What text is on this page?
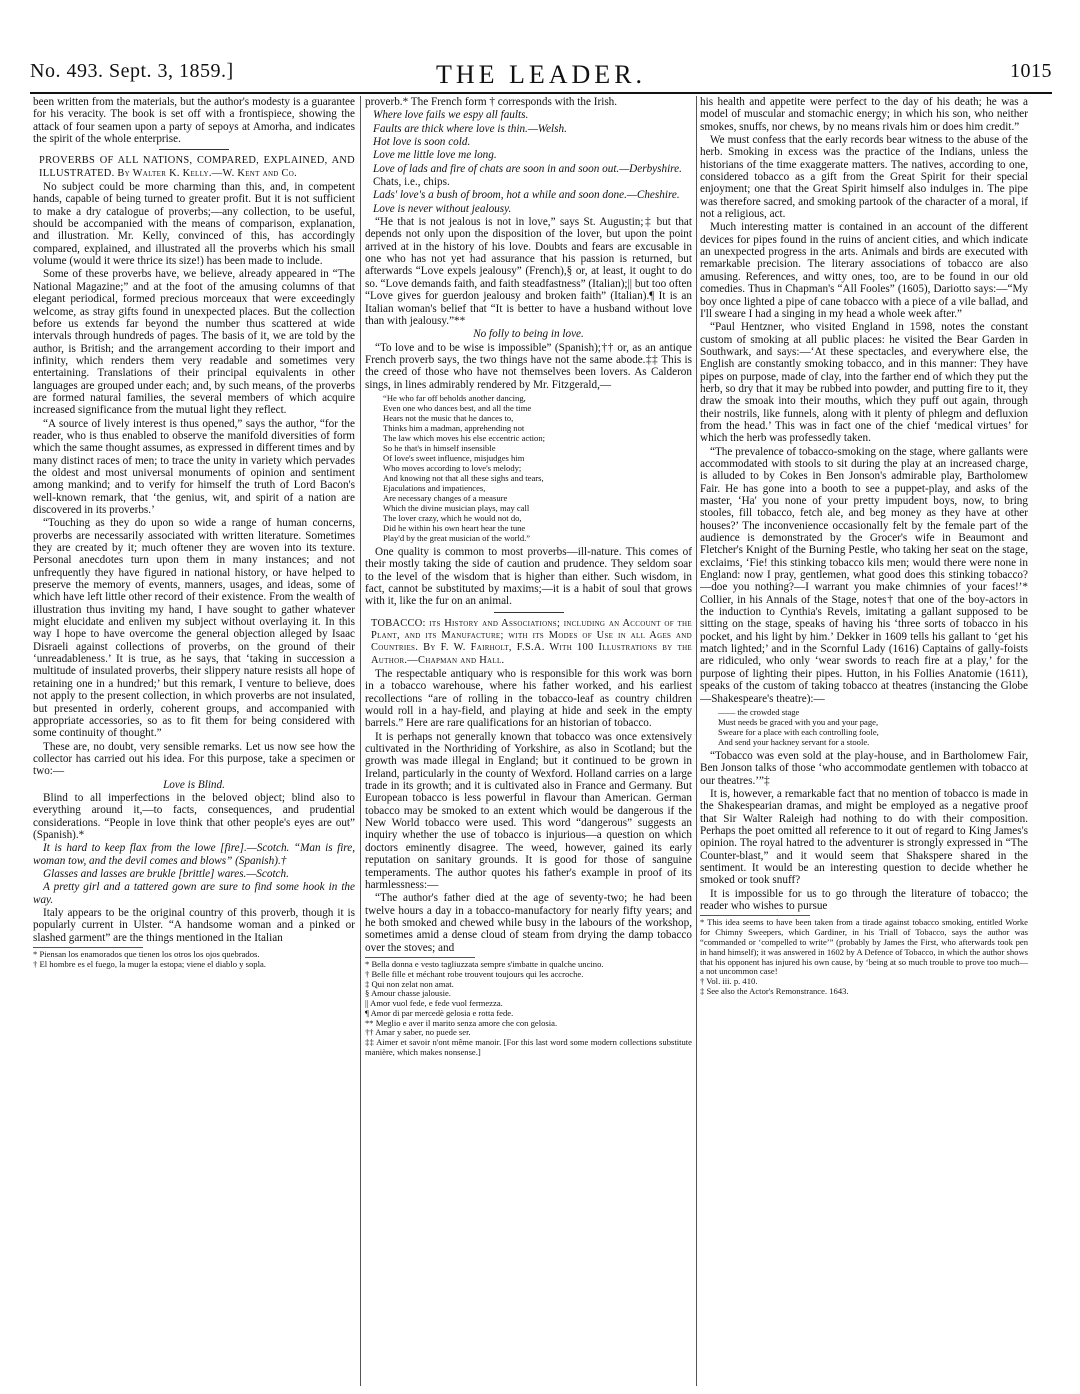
No. 493. Sept. 3, 1859.]	THE LEADER.	1015

been written from the materials, but the author's modesty is a guarantee for his veracity. The book is set off with a frontispiece, showing the attack of four seamen upon a party of sepoys at Amorha, and indicates the spirit of the whole enterprise.

PROVERBS OF ALL NATIONS, COMPARED, EXPLAINED, AND ILLUSTRATED. By Walter K. Kelly.—W. Kent and Co.

No subject could be more charming than this, and, in competent hands, capable of being turned to greater profit. But it is not sufficient to make a dry catalogue of proverbs;—any collection, to be useful, should be accompanied with the means of comparison, explanation, and illustration. Mr. Kelly, convinced of this, has accordingly compared, explained, and illustrated all the proverbs which his small volume (would it were thrice its size!) has been made to include.

Some of these proverbs have, we believe, already appeared in “The National Magazine;” and at the foot of the amusing columns of that elegant periodical, formed precious morceaux that were exceedingly welcome, as stray gifts found in unexpected places. But the collection before us extends far beyond the number thus scattered at wide intervals through hundreds of pages. The basis of it, we are told by the author, is British; and the arrangement according to their import and infinity, which renders them very readable and sometimes very entertaining. Translations of their principal equivalents in other languages are grouped under each; and, by such means, of the proverbs are formed natural families, the several members of which acquire increased significance from the mutual light they reflect.

“A source of lively interest is thus opened,” says the author, “for the reader, who is thus enabled to observe the manifold diversities of form which the same thought assumes, as expressed in different times and by many distinct races of men; to trace the unity in variety which pervades the oldest and most universal monuments of opinion and sentiment among mankind; and to verify for himself the truth of Lord Bacon's well-known remark, that ‘the genius, wit, and spirit of a nation are discovered in its proverbs.’

“Touching as they do upon so wide a range of human concerns, proverbs are necessarily associated with written literature. Sometimes they are created by it; much oftener they are woven into its texture. Personal anecdotes turn upon them in many instances; and not unfrequently they have figured in national history, or have helped to preserve the memory of events, manners, usages, and ideas, some of which have left little other record of their existence. From the wealth of illustration thus inviting my hand, I have sought to gather whatever might elucidate and enliven my subject without overlaying it. In this way I hope to have overcome the general objection alleged by Isaac Disraeli against collections of proverbs, on the ground of their ‘unreadableness.’ It is true, as he says, that ‘taking in succession a multitude of insulated proverbs, their slippery nature resists all hope of retaining one in a hundred;’ but this remark, I venture to believe, does not apply to the present collection, in which proverbs are not insulated, but presented in orderly, coherent groups, and accompanied with appropriate accessories, so as to fit them for being considered with some continuity of thought.”

These are, no doubt, very sensible remarks. Let us now see how the collector has carried out his idea. For this purpose, take a specimen or two:—

Love is Blind.

Blind to all imperfections in the beloved object; blind also to everything around it,—to facts, consequences, and prudential considerations. “People in love think that other people's eyes are out” (Spanish).*

It is hard to keep flax from the lowe [fire].—Scotch. “Man is fire, woman tow, and the devil comes and blows” (Spanish).†

Glasses and lasses are brukle [brittle] wares.—Scotch.

A pretty girl and a tattered gown are sure to find some hook in the way.

Italy appears to be the original country of this proverb, though it is popularly current in Ulster. “A handsome woman and a pinked or slashed garment” are the things mentioned in the Italian

* Piensan los enamorados que tienen los otros los ojos quebrados.

† El hombre es el fuego, la muger la estopa; viene el diablo y sopla.

proverb.* The French form † corresponds with the Irish.

Where love fails we espy all faults.

Faults are thick where love is thin.—Welsh.

Hot love is soon cold.

Love me little love me long.

Love of lads and fire of chats are soon in and soon out.—Derbyshire.

Chats, i.e., chips.

Lads' love's a bush of broom, hot a while and soon done.—Cheshire.

Love is never without jealousy.

“He that is not jealous is not in love,” says St. Augustin;‡ but that depends not only upon the disposition of the lover, but upon the point arrived at in the history of his love. Doubts and fears are excusable in one who has not yet had assurance that his passion is returned, but afterwards “Love expels jealousy” (French),§ or, at least, it ought to do so. “Love demands faith, and faith steadfastness” (Italian);|| but too often “Love gives for guerdon jealousy and broken faith” (Italian).¶ It is an Italian woman's belief that “It is better to have a husband without love than with jealousy.”**

No folly to being in love.

“To love and to be wise is impossible” (Spanish);†† or, as an antique French proverb says, the two things have not the same abode.‡‡ This is the creed of those who have not themselves been lovers. As Calderon sings, in lines admirably rendered by Mr. Fitzgerald,—

“He who far off beholds another dancing,
Even one who dances best, and all the time
Hears not the music that he dances to,
Thinks him a madman, apprehending not
The law which moves his else eccentric action;
So he that's in himself insensible
Of love's sweet influence, misjudges him
Who moves according to love's melody;
And knowing not that all these sighs and tears,
Ejaculations and impatiences,
Are necessary changes of a measure
Which the divine musician plays, may call
The lover crazy, which he would not do,
Did he within his own heart hear the tune
Play'd by the great musician of the world.”

One quality is common to most proverbs—ill-nature. This comes of their mostly taking the side of caution and prudence. They seldom soar to the level of the wisdom that is higher than either. Such wisdom, in fact, cannot be substituted by maxims;—it is a habit of soul that grows with it, like the fur on an animal.

TOBACCO: its History and Associations; including an Account of the Plant, and its Manufacture; with its Modes of Use in all Ages and Countries. By F. W. Fairholt, F.S.A. With 100 Illustrations by the Author.—Chapman and Hall.

The respectable antiquary who is responsible for this work was born in a tobacco warehouse, where his father worked, and his earliest recollections “are of rolling in the tobacco-leaf as country children would roll in a hay-field, and playing at hide and seek in the empty barrels.” Here are rare qualifications for an historian of tobacco.

It is perhaps not generally known that tobacco was once extensively cultivated in the Northriding of Yorkshire, as also in Scotland; but the growth was made illegal in England; but it continued to be grown in Ireland, particularly in the county of Wexford. Holland carries on a large trade in its growth; and it is cultivated also in France and Germany. But European tobacco is less powerful in flavour than American. German tobacco may be smoked to an extent which would be dangerous if the New World tobacco were used. This word “dangerous” suggests an inquiry whether the use of tobacco is injurious—a question on which doctors eminently disagree. The weed, however, gained its early reputation on sanitary grounds. It is good for those of sanguine temperaments. The author quotes his father's example in proof of its harmlessness:—

“The author's father died at the age of seventy-two; he had been twelve hours a day in a tobacco-manufactory for nearly fifty years; and he both smoked and chewed while busy in the labours of the workshop, sometimes amid a dense cloud of steam from drying the damp tobacco over the stoves; and

* Bella donna e vesto tagliuzzata sempre s'imbatte in qualche uncino.

† Belle fille et méchant robe trouvent toujours qui les accroche.

‡ Qui non zelat non amat.

§ Amour chasse jalousie.

|| Amor vuol fede, e fede vuol fermezza.

¶ Amor di par mercedè gelosia e rotta fede.

** Meglio e aver il marito senza amore che con gelosia.

†† Amar y saber, no puede ser.

‡‡ Aimer et savoir n'ont même manoir. [For this last word some modern collections substitute manière, which makes nonsense.]

his health and appetite were perfect to the day of his death; he was a model of muscular and stomachic energy; in which his son, who neither smokes, snuffs, nor chews, by no means rivals him or does him credit.”

We must confess that the early records bear witness to the abuse of the herb. Smoking in excess was the practice of the Indians, unless the historians of the time exaggerate matters. The natives, according to one, considered tobacco as a gift from the Great Spirit for their special enjoyment; one that the Great Spirit himself also indulges in. The pipe was therefore sacred, and smoking partook of the character of a moral, if not a religious, act.

Much interesting matter is contained in an account of the different devices for pipes found in the ruins of ancient cities, and which indicate an unexpected progress in the arts. Animals and birds are executed with remarkable precision. The literary associations of tobacco are also amusing. References, and witty ones, too, are to be found in our old comedies. Thus in Chapman's “All Fooles” (1605), Dariotto says:—“My boy once lighted a pipe of cane tobacco with a piece of a vile ballad, and I'll sweare I had a singing in my head a whole week after.”

“Paul Hentzner, who visited England in 1598, notes the constant custom of smoking at all public places: he visited the Bear Garden in Southwark, and says:—‘At these spectacles, and everywhere else, the English are constantly smoking tobacco, and in this manner: They have pipes on purpose, made of clay, into the farther end of which they put the herb, so dry that it may be rubbed into powder, and putting fire to it, they draw the smoak into their mouths, which they puff out again, through their nostrils, like funnels, along with it plenty of phlegm and defluxion from the head.’ This was in fact one of the chief ‘medical virtues’ for which the herb was professedly taken.

“The prevalence of tobacco-smoking on the stage, where gallants were accommodated with stools to sit during the play at an increased charge, is alluded to by Cokes in Ben Jonson's admirable play, Bartholomew Fair. He has gone into a booth to see a puppet-play, and asks of the master, ‘Ha' you none of your pretty impudent boys, now, to bring stooles, fill tobacco, fetch ale, and beg money as they have at other houses?’ The inconvenience occasionally felt by the female part of the audience is demonstrated by the Grocer's wife in Beaumont and Fletcher's Knight of the Burning Pestle, who taking her seat on the stage, exclaims, ‘Fie! this stinking tobacco kils men; would there were none in England: now I pray, gentlemen, what good does this stinking tobacco?—doe you nothing?—I warrant you make chimnies of your faces!’* Collier, in his Annals of the Stage, notes† that one of the boy-actors in the induction to Cynthia's Revels, imitating a gallant supposed to be sitting on the stage, speaks of having his ‘three sorts of tobacco in his pocket, and his light by him.’ Dekker in 1609 tells his gallant to ‘get his match lighted;’ and in the Scornful Lady (1616) Captains of gally-foists are ridiculed, who only ‘wear swords to reach fire at a play,’ for the purpose of lighting their pipes. Hutton, in his Follies Anatomie (1611), speaks of the custom of taking tobacco at theatres (instancing the Globe—Shakespeare's theatre):—

—— the crowded stage
Must needs be graced with you and your page,
Sweare for a place with each controlling foole,
And send your hackney servant for a stoole.

“Tobacco was even sold at the play-house, and in Bartholomew Fair, Ben Jonson talks of those ‘who accommodate gentlemen with tobacco at our theatres.’”‡

It is, however, a remarkable fact that no mention of tobacco is made in the Shakespearian dramas, and might be employed as a negative proof that Sir Walter Raleigh had nothing to do with their composition. Perhaps the poet omitted all reference to it out of regard to King James's opinion. The royal hatred to the adventurer is strongly expressed in “The Counter-blast,” and it would seem that Shakspere shared in the sentiment. It would be an interesting question to decide whether he smoked or took snuff?

It is impossible for us to go through the literature of tobacco; the reader who wishes to pursue

* This idea seems to have been taken from a tirade against tobacco smoking, entitled Worke for Chimny Sweepers, which Gardiner, in his Triall of Tobacco, says the author was “commanded or ‘compelled to write’” (probably by James the First, who afterwards took pen in hand himself); it was answered in 1602 by A Defence of Tobacco, in which the author shows that his opponent has injured his own cause, by ‘being at so much trouble to prove too much—a not uncommon case!

† Vol. iii. p. 410.

‡ See also the Actor's Remonstrance. 1643.
